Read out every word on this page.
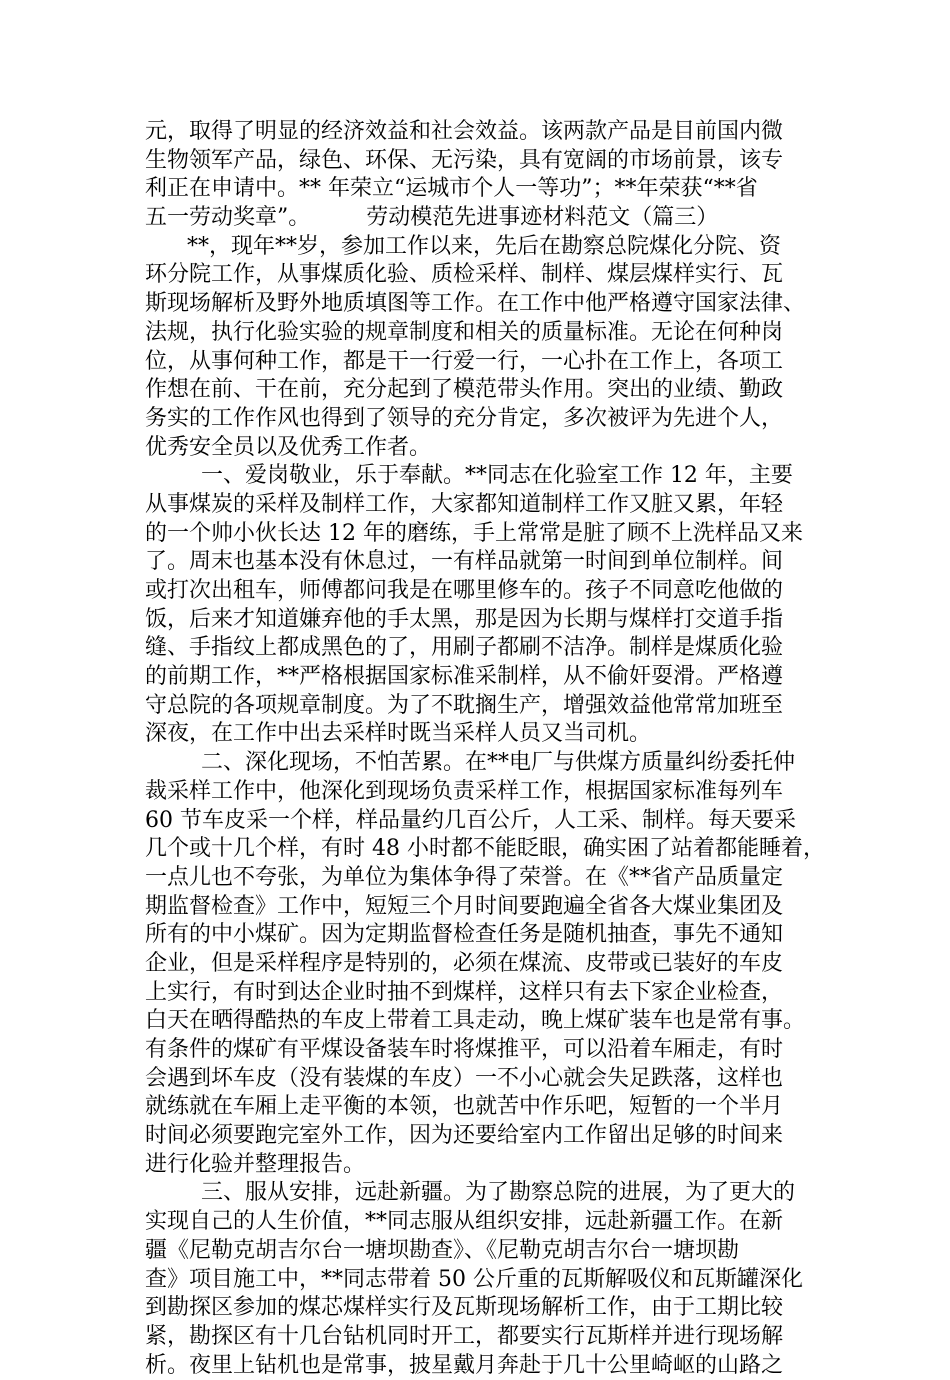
元，取得了明显的经济效益和社会效益。该两款产品是目前国内微
生物领军产品，绿色、环保、无污染，具有宽阔的市场前景，该专
利正在申请中。** 年荣立“运城市个人一等功”；**年荣获“**省
五一劳动奖章”。        劳动模范先进事迹材料范文（篇三）
**，现年**岁，参加工作以来，先后在勘察总院煤化分院、资
环分院工作，从事煤质化验、质检采样、制样、煤层煤样实行、瓦
斯现场解析及野外地质填图等工作。在工作中他严格遵守国家法律、
法规，执行化验实验的规章制度和相关的质量标准。无论在何种岗
位，从事何种工作，都是干一行爱一行，一心扑在工作上，各项工
作想在前、干在前，充分起到了模范带头作用。突出的业绩、勤政
务实的工作作风也得到了领导的充分肯定，多次被评为先进个人，
优秀安全员以及优秀工作者。
一、爱岗敬业，乐于奉献。**同志在化验室工作 12 年，主要
从事煤炭的采样及制样工作，大家都知道制样工作又脏又累，年轻
的一个帅小伙长达 12 年的磨练，手上常常是脏了顾不上洗样品又来
了。周末也基本没有休息过，一有样品就第一时间到单位制样。间
或打次出租车，师傅都问我是在哪里修车的。孩子不同意吃他做的
饭，后来才知道嫌弃他的手太黑，那是因为长期与煤样打交道手指
缝、手指纹上都成黑色的了，用刷子都刷不洁净。制样是煤质化验
的前期工作，**严格根据国家标准采制样，从不偷奸耍滑。严格遵
守总院的各项规章制度。为了不耽搁生产，增强效益他常常加班至
深夜，在工作中出去采样时既当采样人员又当司机。
二、深化现场，不怕苦累。在**电厂与供煤方质量纠纷委托仲
裁采样工作中，他深化到现场负责采样工作，根据国家标准每列车
60 节车皮采一个样，样品量约几百公斤，人工采、制样。每天要采
几个或十几个样，有时 48 小时都不能眨眼，确实困了站着都能睡着，
一点儿也不夸张，为单位为集体争得了荣誉。在《**省产品质量定
期监督检查》工作中，短短三个月时间要跑遍全省各大煤业集团及
所有的中小煤矿。因为定期监督检查任务是随机抽查，事先不通知
企业，但是采样程序是特别的，必须在煤流、皮带或已装好的车皮
上实行，有时到达企业时抽不到煤样，这样只有去下家企业检查，
白天在晒得酷热的车皮上带着工具走动，晚上煤矿装车也是常有事。
有条件的煤矿有平煤设备装车时将煤推平，可以沿着车厢走，有时
会遇到坏车皮（没有装煤的车皮）一不小心就会失足跌落，这样也
就练就在车厢上走平衡的本领，也就苦中作乐吧，短暂的一个半月
时间必须要跑完室外工作，因为还要给室内工作留出足够的时间来
进行化验并整理报告。
三、服从安排，远赴新疆。为了勘察总院的进展，为了更大的
实现自己的人生价值，**同志服从组织安排，远赴新疆工作。在新
疆《尼勒克胡吉尔台一塘坝勘查》、《尼勒克胡吉尔台一塘坝勘
查》项目施工中，**同志带着 50 公斤重的瓦斯解吸仪和瓦斯罐深化
到勘探区参加的煤芯煤样实行及瓦斯现场解析工作，由于工期比较
紧，勘探区有十几台钻机同时开工，都要实行瓦斯样并进行现场解
析。夜里上钻机也是常事，披星戴月奔赴于几十公里崎岖的山路之
